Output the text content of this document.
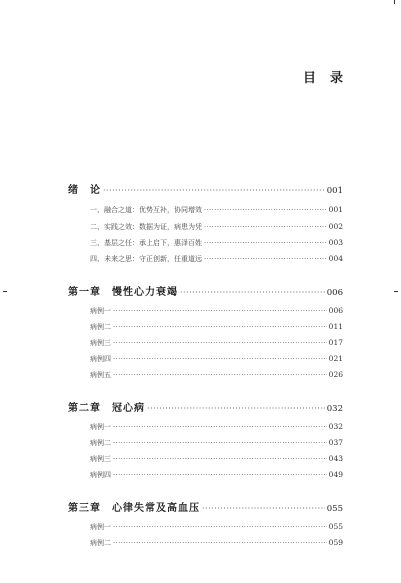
目录
绪　论 ·····	001
一、融合之道：优势互补，协同增效 ·····	001
二、实践之效：数据为证，病患为凭 ·····	002
三、基层之任：承上启下，惠泽百姓 ·····	003
四、未来之思：守正创新，任重道远 ·····	004
第一章　慢性心力衰竭 ·····	006
病例一 ·····	006
病例二 ·····	011
病例三 ·····	017
病例四 ·····	021
病例五 ·····	026
第二章　冠心病 ·····	032
病例一 ·····	032
病例二 ·····	037
病例三 ·····	043
病例四 ·····	049
第三章　心律失常及高血压 ·····	055
病例一 ·····	055
病例二 ·····	059
